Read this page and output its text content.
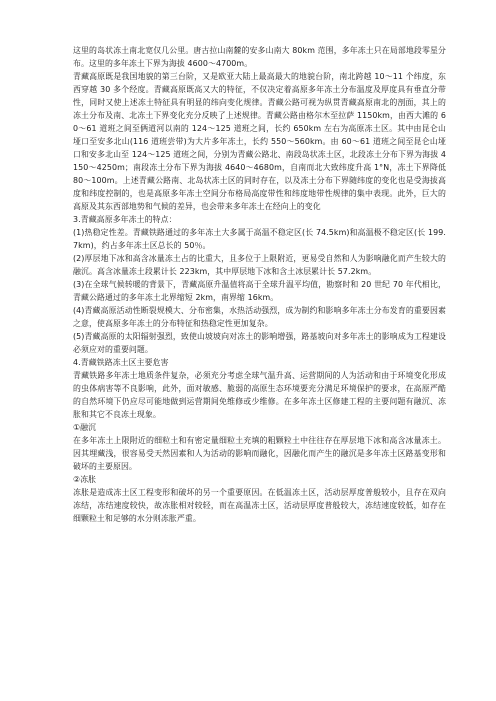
这里的岛状冻土南北宽仅几公里。唐古拉山南麓的安多山南大 80km 范围，多年冻土只在局部地段零星分布。这里的多年冻土下界为海拔 4600～4700m。

青藏高原既是我国地貌的第三台阶，又是欧亚大陆上最高最大的地貌台阶，南北跨越 10～11 个纬度，东西穿越 30 多个经度。青藏高原既高又大的特征，不仅决定着高原多年冻土分布温度及厚度具有垂直分带性，同时又使上述冻土特征具有明显的纬向变化规律。青藏公路可视为纵贯青藏高原南北的剖面，其上的冻土分布及南、北冻土下界变化充分反映了上述规律。青藏公路由格尔木至拉萨 1150km，由西大滩的 60～61 道班之间至俩道河以南的 124～125 道班之间，长约 650km 左右为高原冻土区。其中由昆仑山垭口至安多北山(116 道班尝带)为大片多年冻土，长约 550～560km。由 60～61 道班之间至昆仑山垭口和安多北山至 124～125 道班之间，分别为青藏公路北、南段岛状冻土区，北段冻土分布下界为海拔 4150～4250m；南段冻土分布下界为海拔 4640～4680m，自南而北大致纬度升高 1°N，冻土下界降低 80～100m。上述青藏公路南、北岛状冻土区的同时存在，以及冻土分布下界随纬度的变化也是受海拔高度和纬度控制的，也是高原多年冻土空间分布格局高度带性和纬度地带性规律的集中表现。此外，巨大的高原及其东西部地势和气候的差异，也会带来多年冻土在经向上的变化

3.青藏高原多年冻土的特点：

(1)热稳定性差。青藏铁路通过的多年冻土大多属于高温不稳定区(长 74.5km)和高温极不稳定区(长 199.7km)，约占多年冻土区总长的 50％。

(2)厚层地下冰和高含冰量冻土占的比重大，且多位于上限附近，更易受自然和人为影响融化而产生较大的融沉。高含冰量冻土段累计长 223km，其中厚层地下冰和含土冰层累计长 57.2km。

(3)在全球气候转暖的背景下，青藏高原升温值将高于全球升温平均值，勘察时和 20 世纪 70 年代相比，青藏公路通过的多年冻土北界缩短 2km，南界缩 16km。

(4)青藏高原活动性断裂规模大、分布密集，水热活动强烈，成为制约和影响多年冻土分布发育的重要因素之意，使高原多年冻土的分布特征和热稳定性更加复杂。

(5)青藏高原的太阳辐射强烈，致使山坡坡向对冻土的影响增强，路基坡向对多年冻土的影响成为工程建设必须应对的重要问题。

4.青藏铁路冻土区主要危害

青藏铁路多年冻土地质条件复杂，必须充分考虑全球气温升高、运营期间的人为活动和由于环境变化形成的虫体病害等不良影响，此外，面对敏感、脆弱的高原生态环境要充分满足环境保护的要求，在高原严酷的自然环境下仍应尽可能地做到运营期间免维修或少维修。在多年冻土区修建工程的主要问题有融沉、冻胀和其它不良冻土现象。

①融沉

在多年冻土上限附近的细粒土和有密定量细粒土充填的粗颗粒土中往往存在厚层地下冰和高含冰量冻土。因其埋藏浅，很容易受天然因素和人为活动的影响而融化，因融化而产生的融沉是多年冻土区路基变形和破坏的主要原因。

②冻胀

冻胀是造成冻土区工程变形和破坏的另一个重要原因。在低温冻土区，活动层厚度普般较小，且存在双向冻结，冻结速度较快，故冻胀相对较轻，而在高温冻土区，活动层厚度普般较大，冻结速度较低，如存在细颗粒土和足够的水分则冻胀严重。
